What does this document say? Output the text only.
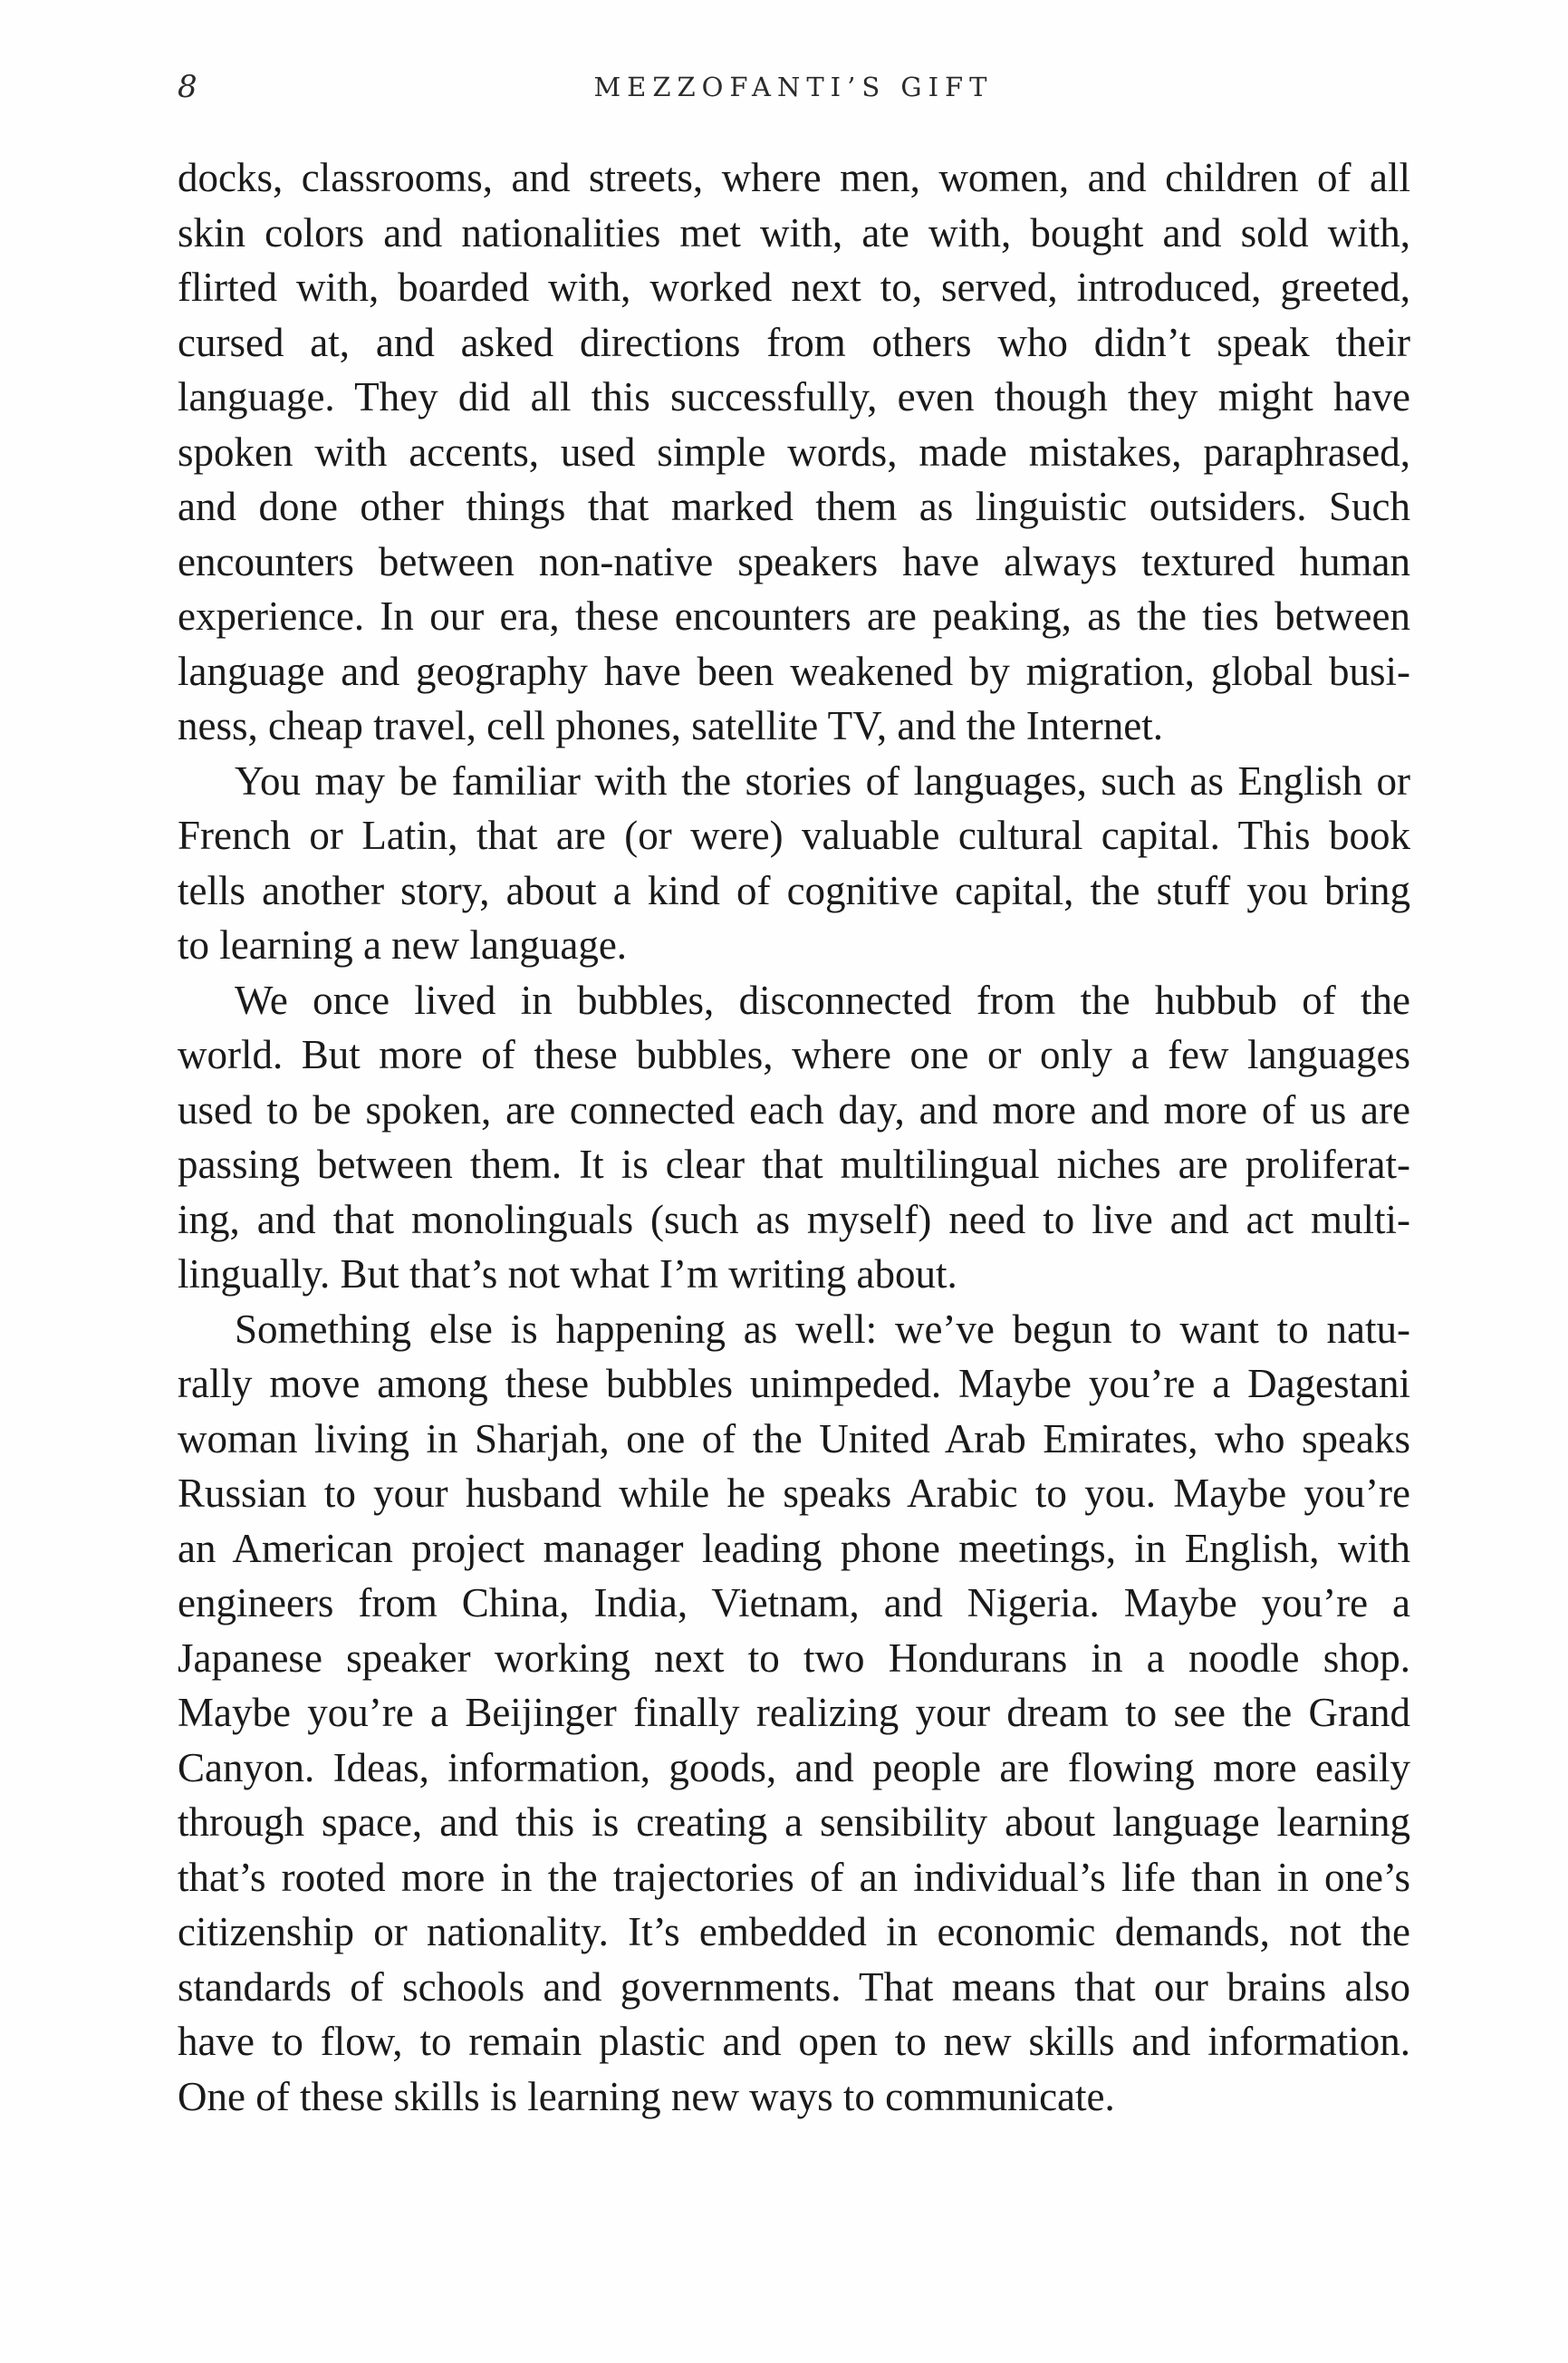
8	MEZZOFANTI’S GIFT
docks, classrooms, and streets, where men, women, and children of all
skin colors and nationalities met with, ate with, bought and sold with,
flirted with, boarded with, worked next to, served, introduced, greeted,
cursed at, and asked directions from others who didn’t speak their
language. They did all this successfully, even though they might have
spoken with accents, used simple words, made mistakes, paraphrased,
and done other things that marked them as linguistic outsiders. Such
encounters between non-native speakers have always textured human
experience. In our era, these encounters are peaking, as the ties between
language and geography have been weakened by migration, global busi-
ness, cheap travel, cell phones, satellite TV, and the Internet.
You may be familiar with the stories of languages, such as English or
French or Latin, that are (or were) valuable cultural capital. This book
tells another story, about a kind of cognitive capital, the stuff you bring
to learning a new language.
We once lived in bubbles, disconnected from the hubbub of the
world. But more of these bubbles, where one or only a few languages
used to be spoken, are connected each day, and more and more of us are
passing between them. It is clear that multilingual niches are proliferat-
ing, and that monolinguals (such as myself) need to live and act multi-
lingually. But that’s not what I’m writing about.
Something else is happening as well: we’ve begun to want to natu-
rally move among these bubbles unimpeded. Maybe you’re a Dagestani
woman living in Sharjah, one of the United Arab Emirates, who speaks
Russian to your husband while he speaks Arabic to you. Maybe you’re
an American project manager leading phone meetings, in English, with
engineers from China, India, Vietnam, and Nigeria. Maybe you’re a
Japanese speaker working next to two Hondurans in a noodle shop.
Maybe you’re a Beijinger finally realizing your dream to see the Grand
Canyon. Ideas, information, goods, and people are flowing more easily
through space, and this is creating a sensibility about language learning
that’s rooted more in the trajectories of an individual’s life than in one’s
citizenship or nationality. It’s embedded in economic demands, not the
standards of schools and governments. That means that our brains also
have to flow, to remain plastic and open to new skills and information.
One of these skills is learning new ways to communicate.
